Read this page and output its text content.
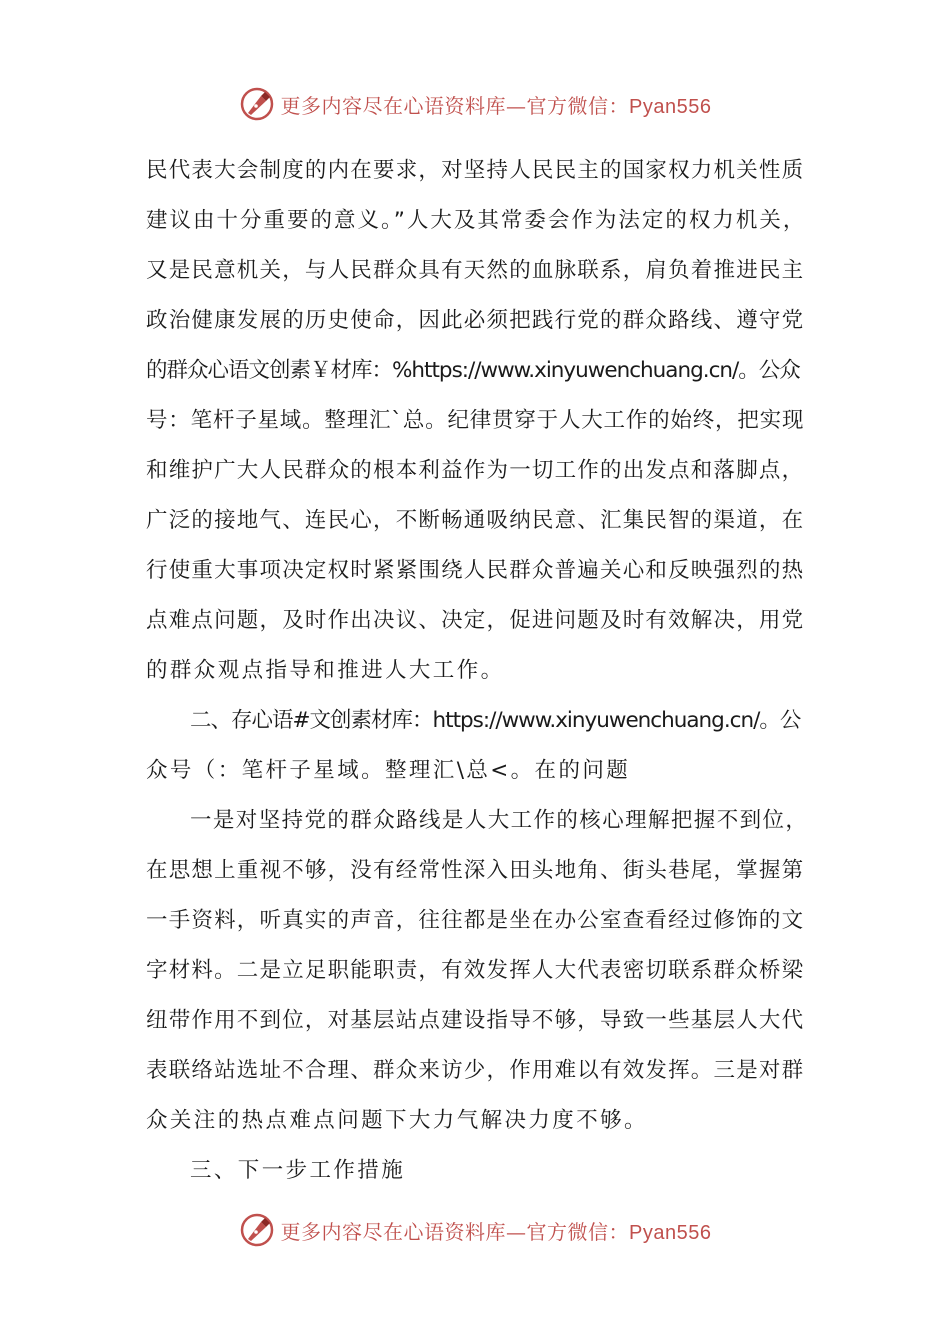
更多内容尽在心语资料库—官方微信：Pyan556
民代表大会制度的内在要求，对坚持人民民主的国家权力机关性质
建议由十分重要的意义。”人大及其常委会作为法定的权力机关，
又是民意机关，与人民群众具有天然的血脉联系，肩负着推进民主
政治健康发展的历史使命，因此必须把践行党的群众路线、遵守党
的群众心语文创素￥材库：%https://www.xinyuwenchuang.cn/。公众
号：笔杆子星域。整理汇`总。纪律贯穿于人大工作的始终，把实现
和维护广大人民群众的根本利益作为一切工作的出发点和落脚点，
广泛的接地气、连民心，不断畅通吸纳民意、汇集民智的渠道，在
行使重大事项决定权时紧紧围绕人民群众普遍关心和反映强烈的热
点难点问题，及时作出决议、决定，促进问题及时有效解决，用党
的群众观点指导和推进人大工作。
二、存心语#文创素材库：https://www.xinyuwenchuang.cn/。公
众号（：笔杆子星域。整理汇\总<。在的问题
一是对坚持党的群众路线是人大工作的核心理解把握不到位，
在思想上重视不够，没有经常性深入田头地角、街头巷尾，掌握第
一手资料，听真实的声音，往往都是坐在办公室查看经过修饰的文
字材料。二是立足职能职责，有效发挥人大代表密切联系群众桥梁
纽带作用不到位，对基层站点建设指导不够，导致一些基层人大代
表联络站选址不合理、群众来访少，作用难以有效发挥。三是对群
众关注的热点难点问题下大力气解决力度不够。
三、下一步工作措施
更多内容尽在心语资料库—官方微信：Pyan556
